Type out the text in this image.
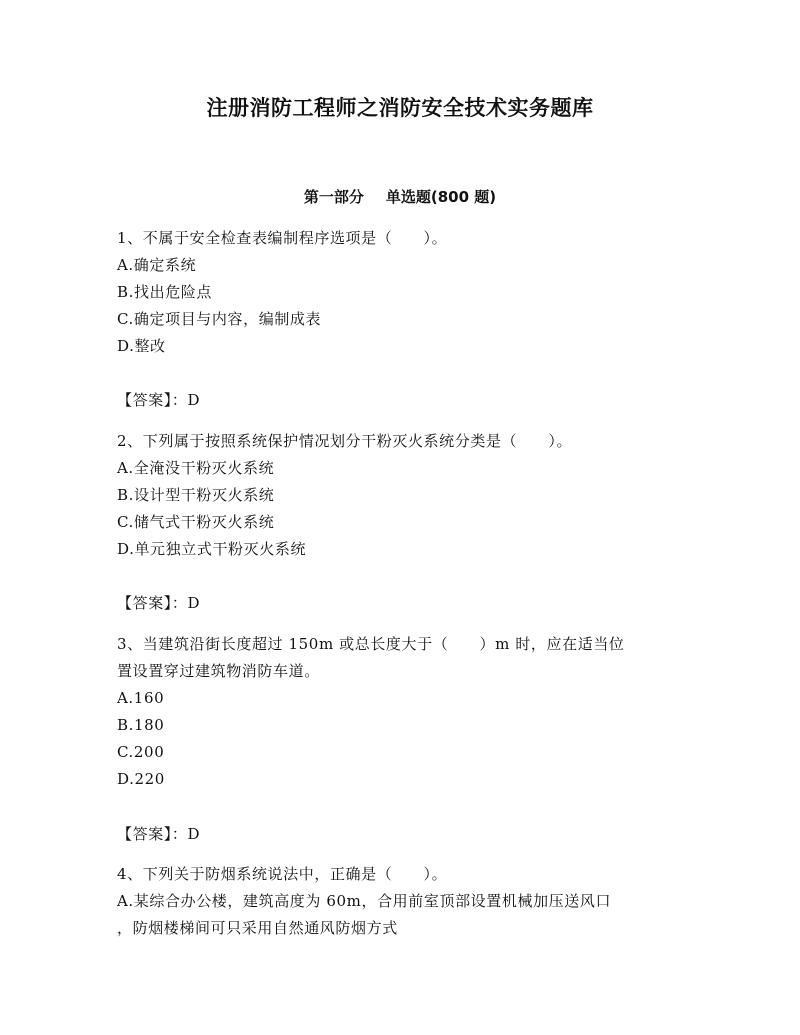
注册消防工程师之消防安全技术实务题库
第一部分 单选题(800 题)
1、不属于安全检查表编制程序选项是（　　）。
A.确定系统
B.找出危险点
C.确定项目与内容，编制成表
D.整改
【答案】：D
2、下列属于按照系统保护情况划分干粉灭火系统分类是（　　）。
A.全淹没干粉灭火系统
B.设计型干粉灭火系统
C.储气式干粉灭火系统
D.单元独立式干粉灭火系统
【答案】：D
3、当建筑沿街长度超过 150m 或总长度大于（　　）m 时，应在适当位
置设置穿过建筑物消防车道。
A.160
B.180
C.200
D.220
【答案】：D
4、下列关于防烟系统说法中，正确是（　　）。
A.某综合办公楼，建筑高度为 60m，合用前室顶部设置机械加压送风口
，防烟楼梯间可只采用自然通风防烟方式
